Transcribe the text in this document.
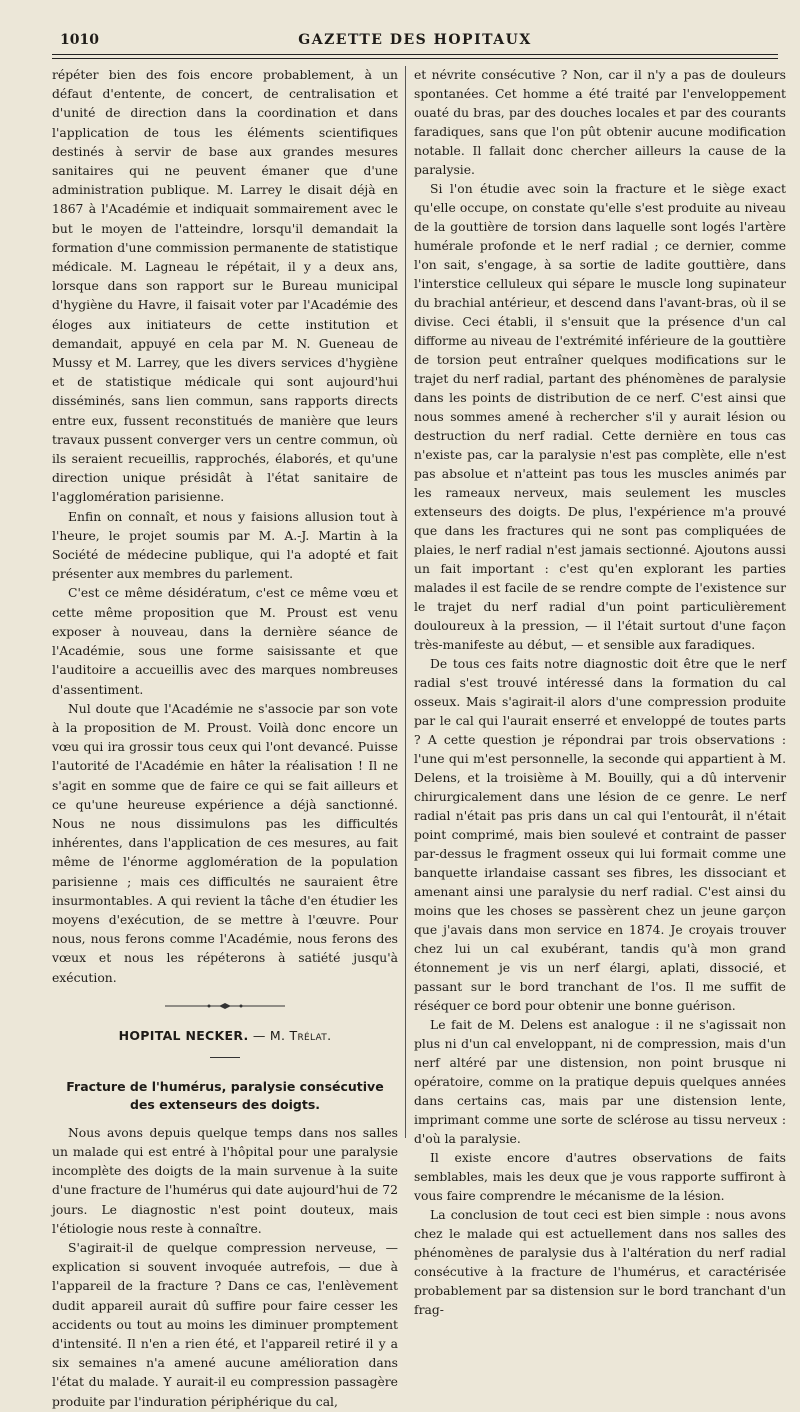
1010	GAZETTE DES HOPITAUX

répéter bien des fois encore probablement, à un défaut d'entente, de concert, de centralisation et d'unité de direction dans la coordination et dans l'application de tous les éléments scientifiques destinés à servir de base aux grandes mesures sanitaires qui ne peuvent émaner que d'une administration publique. M. Larrey le disait déjà en 1867 à l'Académie et indiquait sommairement avec le but le moyen de l'atteindre, lorsqu'il demandait la formation d'une commission permanente de statistique médicale. M. Lagneau le répétait, il y a deux ans, lorsque dans son rapport sur le Bureau municipal d'hygiène du Havre, il faisait voter par l'Académie des éloges aux initiateurs de cette institution et demandait, appuyé en cela par M. N. Gueneau de Mussy et M. Larrey, que les divers services d'hygiène et de statistique médicale qui sont aujourd'hui disséminés, sans lien commun, sans rapports directs entre eux, fussent reconstitués de manière que leurs travaux pussent converger vers un centre commun, où ils seraient recueillis, rapprochés, élaborés, et qu'une direction unique présidât à l'état sanitaire de l'agglomération parisienne.

Enfin on connaît, et nous y faisions allusion tout à l'heure, le projet soumis par M. A.-J. Martin à la Société de médecine publique, qui l'a adopté et fait présenter aux membres du parlement.

C'est ce même désidératum, c'est ce même vœu et cette même proposition que M. Proust est venu exposer à nouveau, dans la dernière séance de l'Académie, sous une forme saisissante et que l'auditoire a accueillis avec des marques nombreuses d'assentiment.

Nul doute que l'Académie ne s'associe par son vote à la proposition de M. Proust. Voilà donc encore un vœu qui ira grossir tous ceux qui l'ont devancé. Puisse l'autorité de l'Académie en hâter la réalisation ! Il ne s'agit en somme que de faire ce qui se fait ailleurs et ce qu'une heureuse expérience a déjà sanctionné. Nous ne nous dissimulons pas les difficultés inhérentes, dans l'application de ces mesures, au fait même de l'énorme agglomération de la population parisienne ; mais ces difficultés ne sauraient être insurmontables. A qui revient la tâche d'en étudier les moyens d'exécution, de se mettre à l'œuvre. Pour nous, nous ferons comme l'Académie, nous ferons des vœux et nous les répéterons à satiété jusqu'à exécution.

HOPITAL NECKER. — M. Trélat.
Fracture de l'humérus, paralysie consécutive
des extenseurs des doigts.

Nous avons depuis quelque temps dans nos salles un malade qui est entré à l'hôpital pour une paralysie incomplète des doigts de la main survenue à la suite d'une fracture de l'humérus qui date aujourd'hui de 72 jours. Le diagnostic n'est point douteux, mais l'étiologie nous reste à connaître.

S'agirait-il de quelque compression nerveuse, — explication si souvent invoquée autrefois, — due à l'appareil de la fracture ? Dans ce cas, l'enlèvement dudit appareil aurait dû suffire pour faire cesser les accidents ou tout au moins les diminuer promptement d'intensité. Il n'en a rien été, et l'appareil retiré il y a six semaines n'a amené aucune amélioration dans l'état du malade. Y aurait-il eu compression passagère produite par l'induration périphérique du cal,

et névrite consécutive ? Non, car il n'y a pas de douleurs spontanées. Cet homme a été traité par l'enveloppement ouaté du bras, par des douches locales et par des courants faradiques, sans que l'on pût obtenir aucune modification notable. Il fallait donc chercher ailleurs la cause de la paralysie.

Si l'on étudie avec soin la fracture et le siège exact qu'elle occupe, on constate qu'elle s'est produite au niveau de la gouttière de torsion dans laquelle sont logés l'artère humérale profonde et le nerf radial ; ce dernier, comme l'on sait, s'engage, à sa sortie de ladite gouttière, dans l'interstice celluleux qui sépare le muscle long supinateur du brachial antérieur, et descend dans l'avant-bras, où il se divise. Ceci établi, il s'ensuit que la présence d'un cal difforme au niveau de l'extrémité inférieure de la gouttière de torsion peut entraîner quelques modifications sur le trajet du nerf radial, partant des phénomènes de paralysie dans les points de distribution de ce nerf. C'est ainsi que nous sommes amené à rechercher s'il y aurait lésion ou destruction du nerf radial. Cette dernière en tous cas n'existe pas, car la paralysie n'est pas complète, elle n'est pas absolue et n'atteint pas tous les muscles animés par les rameaux nerveux, mais seulement les muscles extenseurs des doigts. De plus, l'expérience m'a prouvé que dans les fractures qui ne sont pas compliquées de plaies, le nerf radial n'est jamais sectionné. Ajoutons aussi un fait important : c'est qu'en explorant les parties malades il est facile de se rendre compte de l'existence sur le trajet du nerf radial d'un point particulièrement douloureux à la pression, — il l'était surtout d'une façon très-manifeste au début, — et sensible aux faradiques.

De tous ces faits notre diagnostic doit être que le nerf radial s'est trouvé intéressé dans la formation du cal osseux. Mais s'agirait-il alors d'une compression produite par le cal qui l'aurait enserré et enveloppé de toutes parts ? A cette question je répondrai par trois observations : l'une qui m'est personnelle, la seconde qui appartient à M. Delens, et la troisième à M. Bouilly, qui a dû intervenir chirurgicalement dans une lésion de ce genre. Le nerf radial n'était pas pris dans un cal qui l'entourât, il n'était point comprimé, mais bien soulevé et contraint de passer par-dessus le fragment osseux qui lui formait comme une banquette irlandaise cassant ses fibres, les dissociant et amenant ainsi une paralysie du nerf radial. C'est ainsi du moins que les choses se passèrent chez un jeune garçon que j'avais dans mon service en 1874. Je croyais trouver chez lui un cal exubérant, tandis qu'à mon grand étonnement je vis un nerf élargi, aplati, dissocié, et passant sur le bord tranchant de l'os. Il me suffit de réséquer ce bord pour obtenir une bonne guérison.

Le fait de M. Delens est analogue : il ne s'agissait non plus ni d'un cal enveloppant, ni de compression, mais d'un nerf altéré par une distension, non point brusque ni opératoire, comme on la pratique depuis quelques années dans certains cas, mais par une distension lente, imprimant comme une sorte de sclérose au tissu nerveux : d'où la paralysie.

Il existe encore d'autres observations de faits semblables, mais les deux que je vous rapporte suffiront à vous faire comprendre le mécanisme de la lésion.

La conclusion de tout ceci est bien simple : nous avons chez le malade qui est actuellement dans nos salles des phénomènes de paralysie dus à l'altération du nerf radial consécutive à la fracture de l'humérus, et caractérisée probablement par sa distension sur le bord tranchant d'un frag-
